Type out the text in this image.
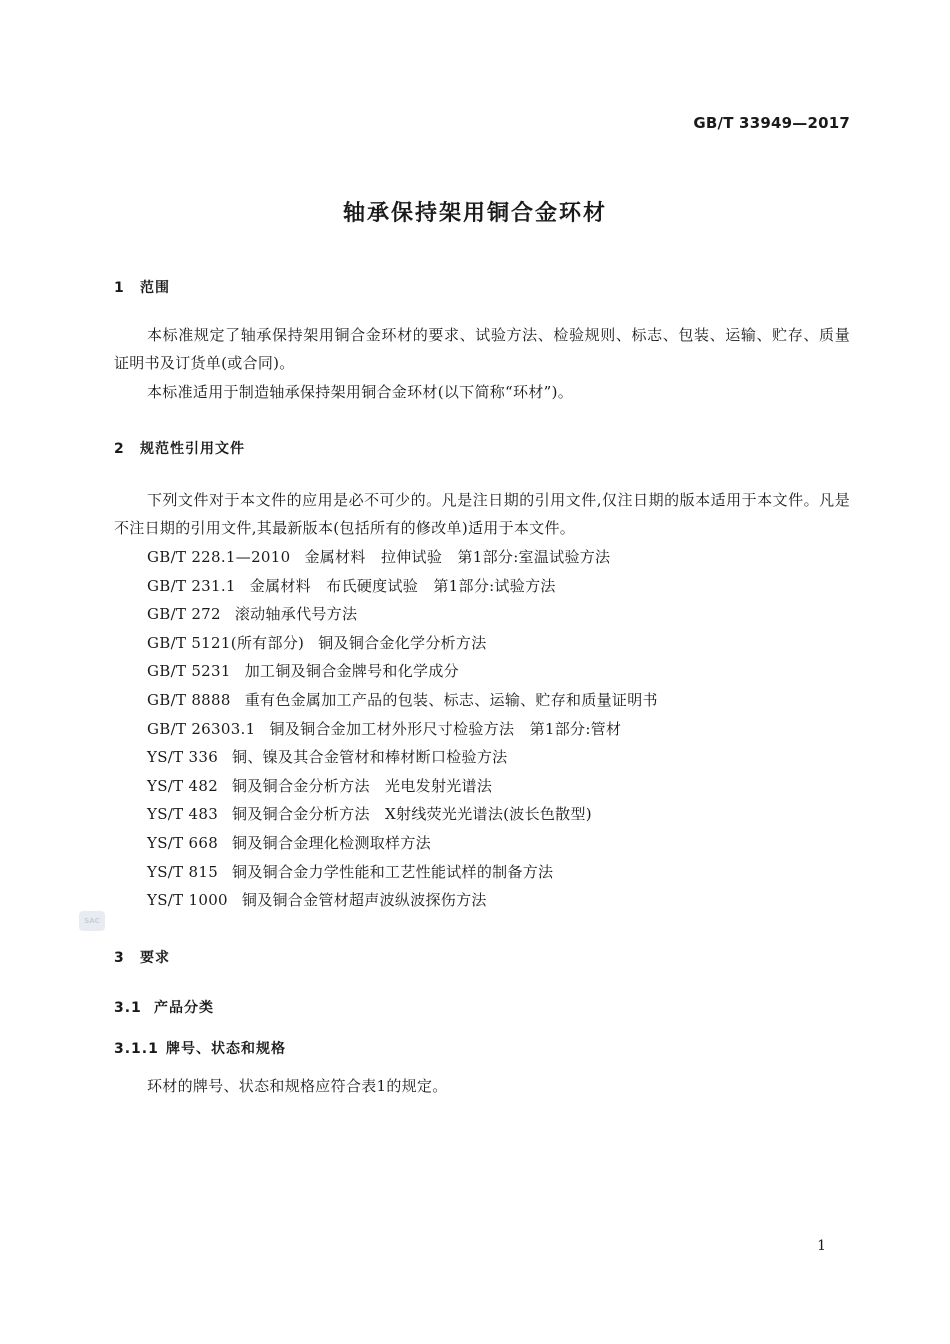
GB/T 33949—2017
轴承保持架用铜合金环材
1 范围
本标准规定了轴承保持架用铜合金环材的要求、试验方法、检验规则、标志、包装、运输、贮存、质量证明书及订货单(或合同)。
本标准适用于制造轴承保持架用铜合金环材(以下简称“环材”)。
2 规范性引用文件
下列文件对于本文件的应用是必不可少的。凡是注日期的引用文件,仅注日期的版本适用于本文件。凡是不注日期的引用文件,其最新版本(包括所有的修改单)适用于本文件。
GB/T 228.1—2010 金属材料　拉伸试验　第1部分:室温试验方法
GB/T 231.1 金属材料　布氏硬度试验　第1部分:试验方法
GB/T 272 滚动轴承代号方法
GB/T 5121(所有部分) 铜及铜合金化学分析方法
GB/T 5231 加工铜及铜合金牌号和化学成分
GB/T 8888 重有色金属加工产品的包装、标志、运输、贮存和质量证明书
GB/T 26303.1 铜及铜合金加工材外形尺寸检验方法　第1部分:管材
YS/T 336 铜、镍及其合金管材和棒材断口检验方法
YS/T 482 铜及铜合金分析方法　光电发射光谱法
YS/T 483 铜及铜合金分析方法　X射线荧光光谱法(波长色散型)
YS/T 668 铜及铜合金理化检测取样方法
YS/T 815 铜及铜合金力学性能和工艺性能试样的制备方法
YS/T 1000 铜及铜合金管材超声波纵波探伤方法
SAC
3 要求
3.1 产品分类
3.1.1 牌号、状态和规格
环材的牌号、状态和规格应符合表1的规定。
1
